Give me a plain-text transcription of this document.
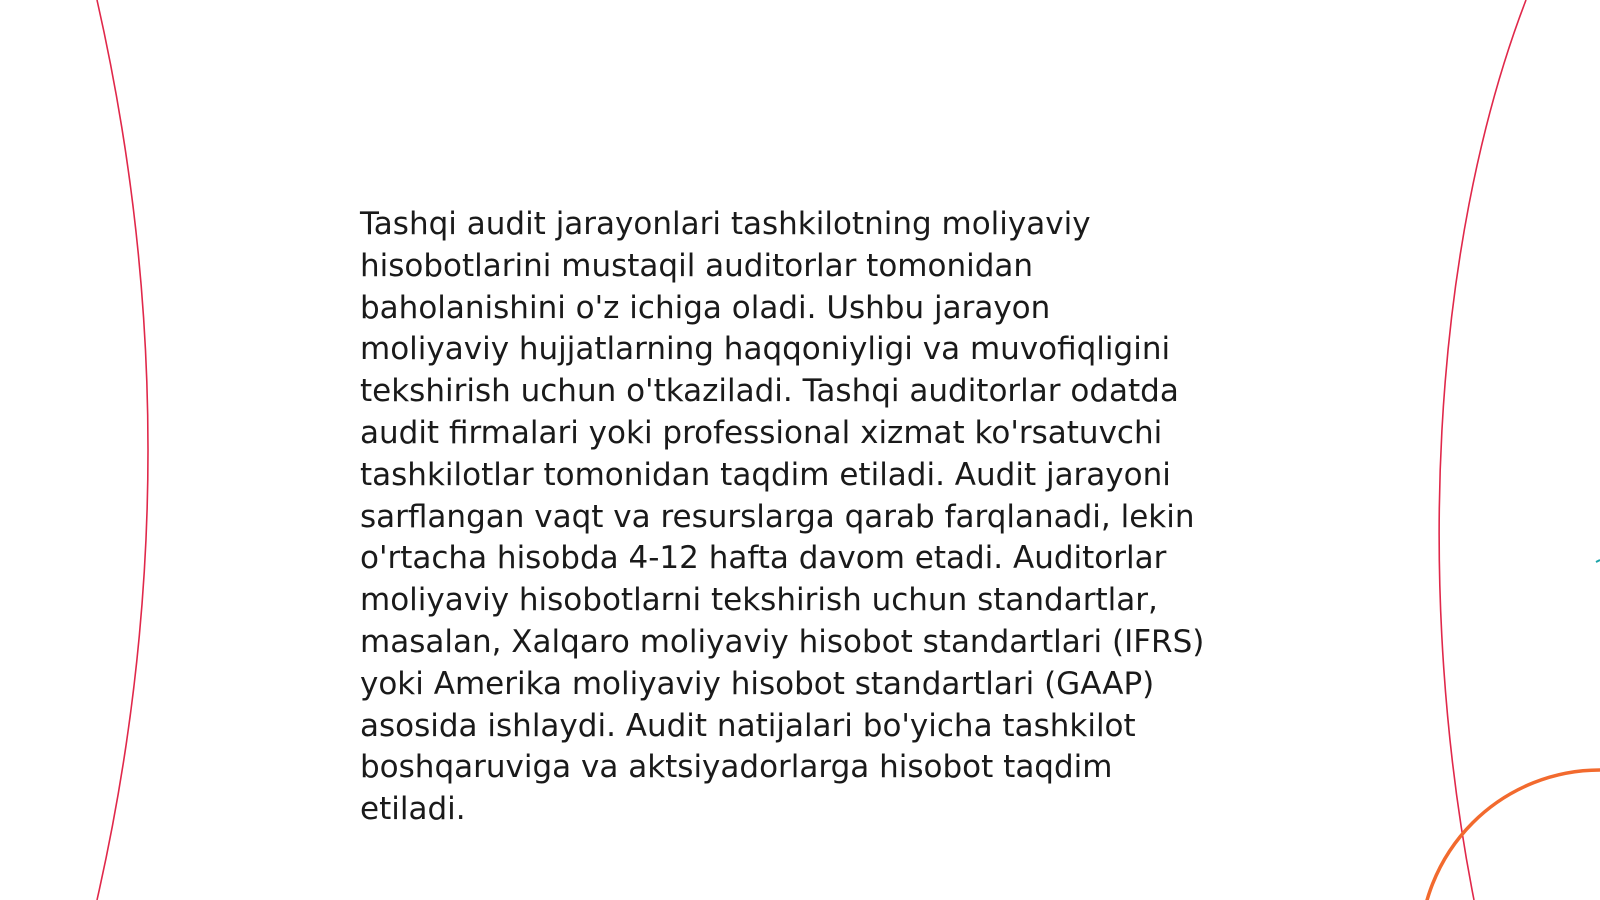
Tashqi audit jarayonlari tashkilotning moliyaviy
hisobotlarini mustaqil auditorlar tomonidan
baholanishini o'z ichiga oladi. Ushbu jarayon
moliyaviy hujjatlarning haqqoniyligi va muvofiqligini
tekshirish uchun o'tkaziladi. Tashqi auditorlar odatda
audit firmalari yoki professional xizmat ko'rsatuvchi
tashkilotlar tomonidan taqdim etiladi. Audit jarayoni
sarflangan vaqt va resurslarga qarab farqlanadi, lekin
o'rtacha hisobda 4-12 hafta davom etadi. Auditorlar
moliyaviy hisobotlarni tekshirish uchun standartlar,
masalan, Xalqaro moliyaviy hisobot standartlari (IFRS)
yoki Amerika moliyaviy hisobot standartlari (GAAP)
asosida ishlaydi. Audit natijalari bo'yicha tashkilot
boshqaruviga va aktsiyadorlarga hisobot taqdim
etiladi.
